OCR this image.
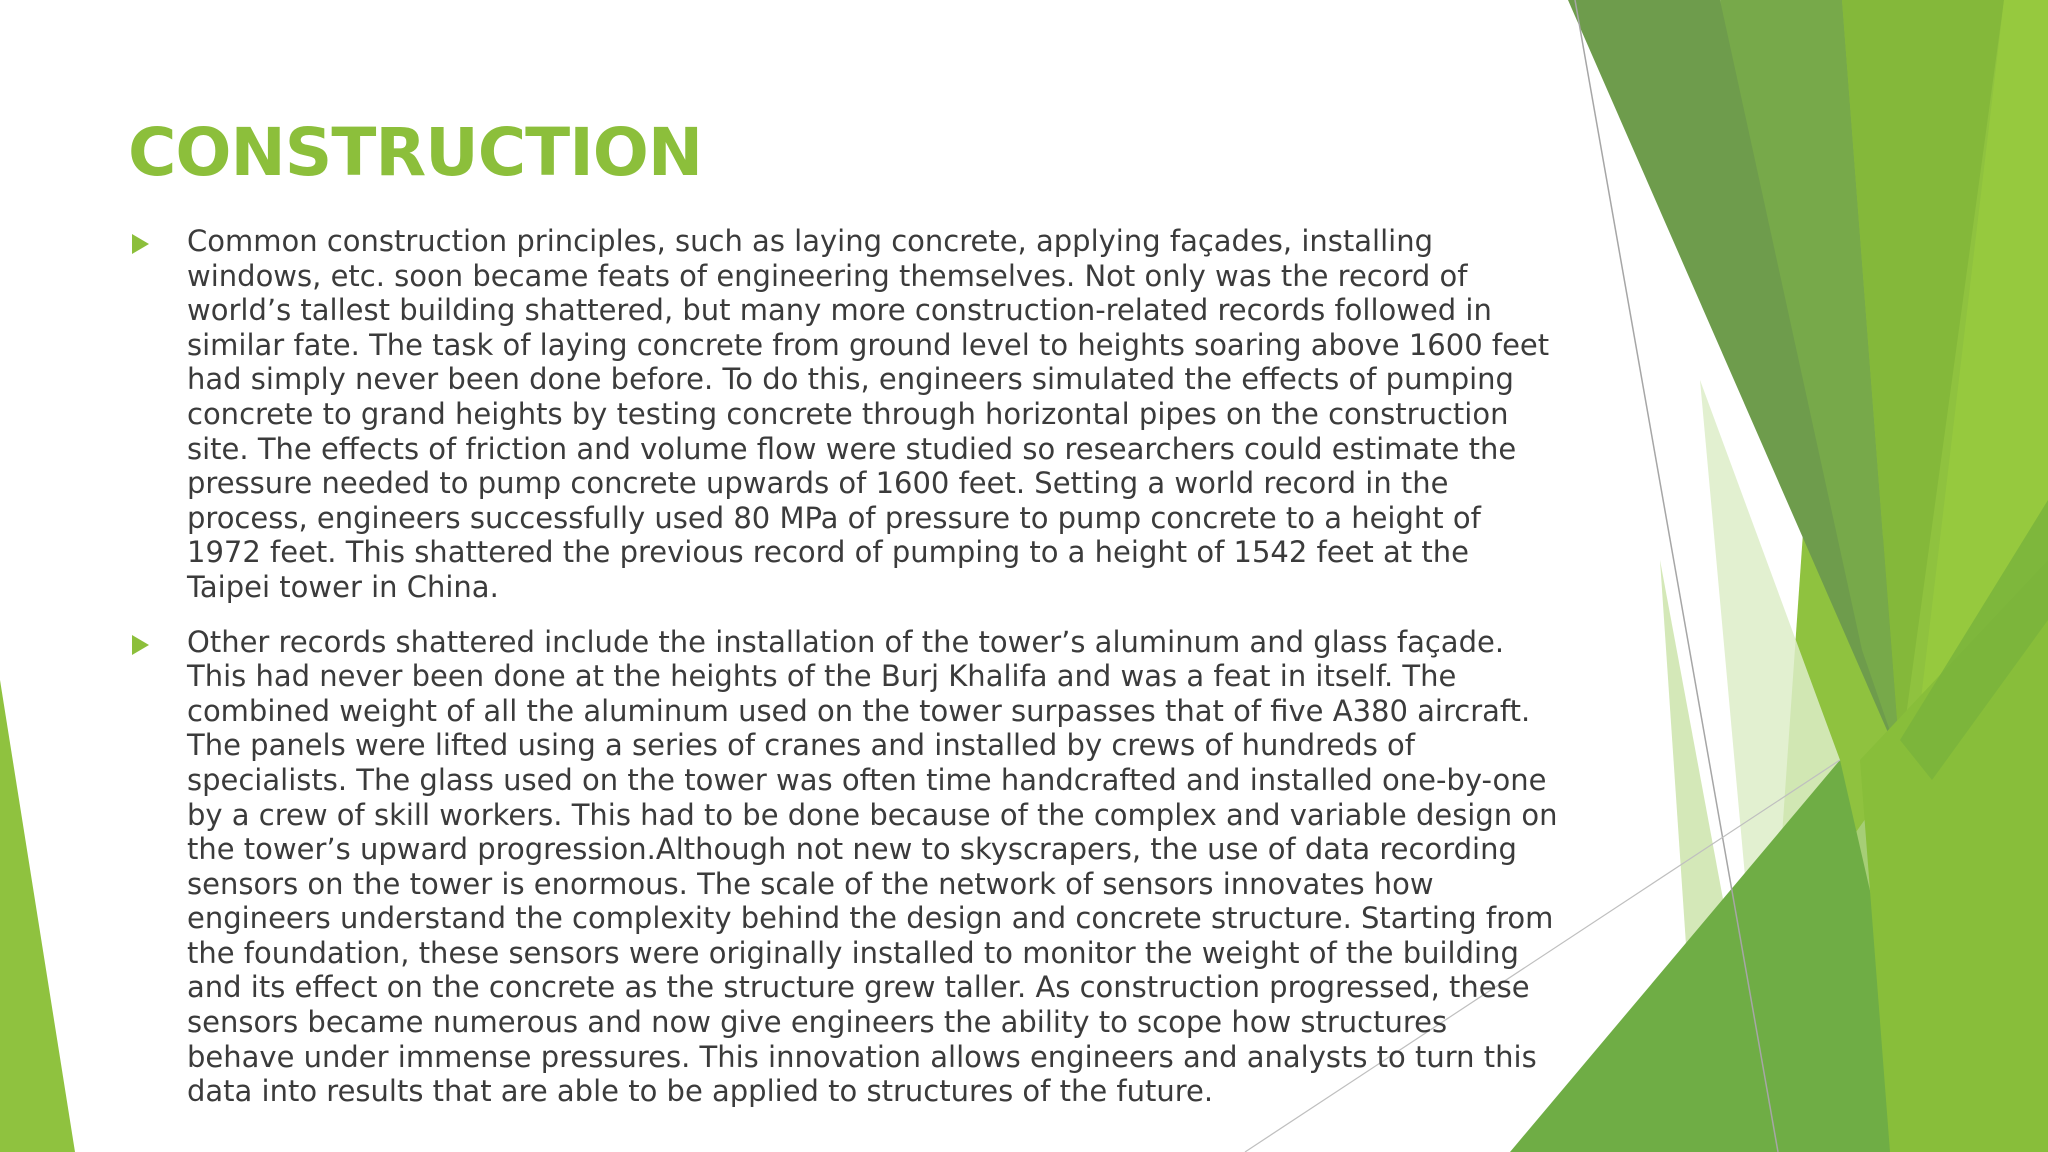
CONSTRUCTION
Common construction principles, such as laying concrete, applying façades, installing windows, etc. soon became feats of engineering themselves. Not only was the record of world’s tallest building shattered, but many more construction-related records followed in similar fate. The task of laying concrete from ground level to heights soaring above 1600 feet had simply never been done before. To do this, engineers simulated the effects of pumping concrete to grand heights by testing concrete through horizontal pipes on the construction site. The effects of friction and volume flow were studied so researchers could estimate the pressure needed to pump concrete upwards of 1600 feet. Setting a world record in the process, engineers successfully used 80 MPa of pressure to pump concrete to a height of 1972 feet. This shattered the previous record of pumping to a height of 1542 feet at the Taipei tower in China.
Other records shattered include the installation of the tower’s aluminum and glass façade. This had never been done at the heights of the Burj Khalifa and was a feat in itself. The combined weight of all the aluminum used on the tower surpasses that of five A380 aircraft. The panels were lifted using a series of cranes and installed by crews of hundreds of specialists. The glass used on the tower was often time handcrafted and installed one-by-one by a crew of skill workers. This had to be done because of the complex and variable design on the tower’s upward progression.Although not new to skyscrapers, the use of data recording sensors on the tower is enormous. The scale of the network of sensors innovates how engineers understand the complexity behind the design and concrete structure. Starting from the foundation, these sensors were originally installed to monitor the weight of the building and its effect on the concrete as the structure grew taller. As construction progressed, these sensors became numerous and now give engineers the ability to scope how structures behave under immense pressures. This innovation allows engineers and analysts to turn this data into results that are able to be applied to structures of the future.
